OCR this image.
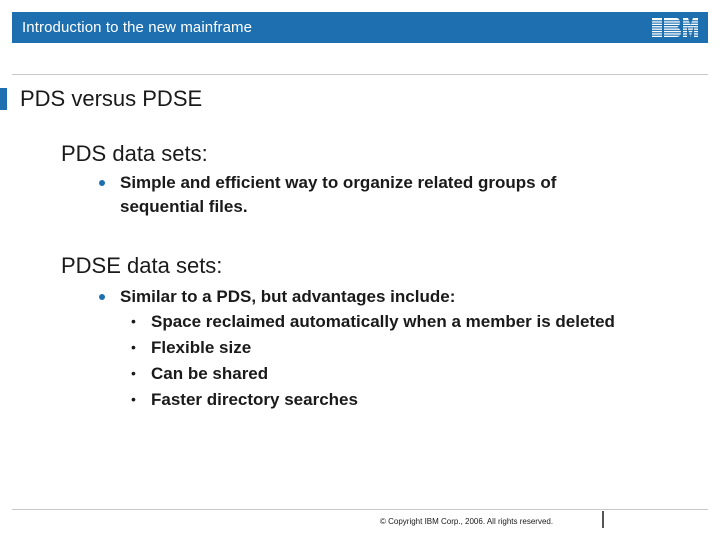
Introduction to the new mainframe
PDS versus PDSE
PDS data sets:
Simple and efficient way to organize related groups of
sequential files.
PDSE data sets:
Similar to a PDS, but advantages include:
• Space reclaimed automatically when a member is deleted
• Flexible size
• Can be shared
• Faster directory searches
© Copyright IBM Corp., 2006. All rights reserved.
